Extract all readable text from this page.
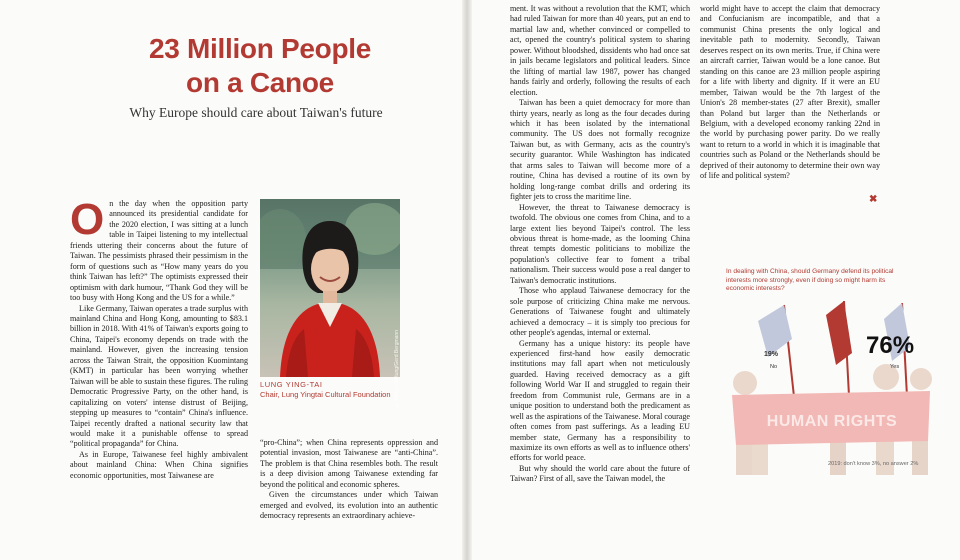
23 Million People
on a Canoe
Why Europe should care about Taiwan's future

On the day when the opposition party announced its presidential candidate for the 2020 election, I was sitting at a lunch table in Taipei listening to my intellectual friends uttering their concerns about the future of Taiwan. The pessimists phrased their pessimism in the form of questions such as “How many years do you think Taiwan has left?” The optimists expressed their optimism with dark humour, “Thank God they will be too busy with Hong Kong and the US for a while.”

Like Germany, Taiwan operates a trade surplus with mainland China and Hong Kong, amounting to $83.1 billion in 2018. With 41% of Taiwan's exports going to China, Taipei's economy depends on trade with the mainland. However, given the increasing tension across the Taiwan Strait, the opposition Kuomintang (KMT) in particular has been worrying whether Taiwan will be able to sustain these figures. The ruling Democratic Progressive Party, on the other hand, is capitalizing on voters' intense distrust of Beijing, stepping up measures to “contain” China's influence. Taipei recently drafted a national security law that would make it a punishable offense to spread “political propaganda” for China.

As in Europe, Taiwanese feel highly ambivalent about mainland China: When China signifies economic opportunities, most Taiwanese are

© Körber-Stiftung/Gerd Bergmann
LUNG YING-TAI
Chair, Lung Yingtai Cultural Foundation

“pro-China”; when China represents oppression and potential invasion, most Taiwanese are “anti-China”. The problem is that China resembles both. The result is a deep division among Taiwanese extending far beyond the political and economic spheres.

Given the circumstances under which Taiwan emerged and evolved, its evolution into an authentic democracy represents an extraordinary achieve-

ment. It was without a revolution that the KMT, which had ruled Taiwan for more than 40 years, put an end to martial law and, whether convinced or compelled to act, opened the country's political system to sharing power. Without bloodshed, dissidents who had once sat in jails became legislators and political leaders. Since the lifting of martial law 1987, power has changed hands fairly and orderly, following the results of each election.

Taiwan has been a quiet democracy for more than thirty years, nearly as long as the four decades during which it has been isolated by the international community. The US does not formally recognize Taiwan but, as with Germany, acts as the country's security guarantor. While Washington has indicated that arms sales to Taiwan will become more of a routine, China has devised a routine of its own by holding long-range combat drills and ordering its fighter jets to cross the maritime line.

However, the threat to Taiwanese democracy is twofold. The obvious one comes from China, and to a large extent lies beyond Taipei's control. The less obvious threat is home-made, as the looming China threat tempts domestic politicians to mobilize the population's collective fear to foment a tribal nationalism. Their success would pose a real danger to Taiwan's democratic institutions.

Those who applaud Taiwanese democracy for the sole purpose of criticizing China make me nervous. Generations of Taiwanese fought and ultimately achieved a democracy – it is simply too precious for other people's agendas, internal or external.

Germany has a unique history: its people have experienced first-hand how easily democratic institutions may fall apart when not meticulously guarded. Having received democracy as a gift following World War II and struggled to regain their freedom from Communist rule, Germans are in a unique position to understand both the predicament as well as the aspirations of the Taiwanese. Moral courage often comes from past sufferings. As a leading EU member state, Germany has a responsibility to maximize its own efforts as well as to influence others' efforts for world peace.

But why should the world care about the future of Taiwan? First of all, save the Taiwan model, the

world might have to accept the claim that democracy and Confucianism are incompatible, and that a communist China presents the only logical and inevitable path to modernity. Secondly, Taiwan deserves respect on its own merits. True, if China were an aircraft carrier, Taiwan would be a lone canoe. But standing on this canoe are 23 million people aspiring for a life with liberty and dignity. If it were an EU member, Taiwan would be the 7th largest of the Union's 28 member-states (27 after Brexit), smaller than Poland but larger than the Netherlands or Belgium, with a developed economy ranking 22nd in the world by purchasing power parity. Do we really want to return to a world in which it is imaginable that countries such as Poland or the Netherlands should be deprived of their autonomy to determine their own way of life and political system?

✖
In dealing with China, should Germany defend its political interests more strongly, even if doing so might harm its economic interests?
19%
No
76%
Yes
HUMAN RIGHTS
2019: don't know 3%, no answer 2%
